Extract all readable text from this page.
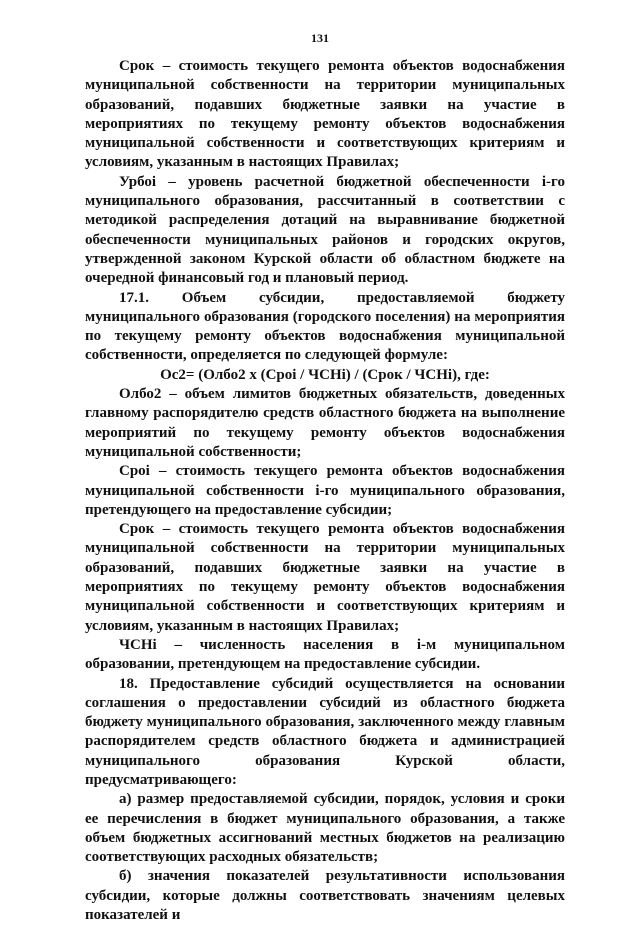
131

Срок – стоимость текущего ремонта объектов водоснабжения муниципальной собственности на территории муниципальных образований, подавших бюджетные заявки на участие в мероприятиях по текущему ремонту объектов водоснабжения муниципальной собственности и соответствующих критериям и условиям, указанным в настоящих Правилах;

Урбоі – уровень расчетной бюджетной обеспеченности i-го муниципального образования, рассчитанный в соответствии с методикой распределения дотаций на выравнивание бюджетной обеспеченности муниципальных районов и городских округов, утвержденной законом Курской области об областном бюджете на очередной финансовый год и плановый период.

17.1. Объем субсидии, предоставляемой бюджету муниципального образования (городского поселения) на мероприятия по текущему ремонту объектов водоснабжения муниципальной собственности, определяется по следующей формуле:

Ос2= (Олбо2 х (Сроі / ЧСНі) / (Срок / ЧСНі), где:

Олбо2 – объем лимитов бюджетных обязательств, доведенных главному распорядителю средств областного бюджета на выполнение мероприятий по текущему ремонту объектов водоснабжения муниципальной собственности;

Сроі – стоимость текущего ремонта объектов водоснабжения муниципальной собственности i-го муниципального образования, претендующего на предоставление субсидии;

Срок – стоимость текущего ремонта объектов водоснабжения муниципальной собственности на территории муниципальных образований, подавших бюджетные заявки на участие в мероприятиях по текущему ремонту объектов водоснабжения муниципальной собственности и соответствующих критериям и условиям, указанным в настоящих Правилах;

ЧСНі – численность населения в i-м муниципальном образовании, претендующем на предоставление субсидии.

18. Предоставление субсидий осуществляется на основании соглашения о предоставлении субсидий из областного бюджета бюджету муниципального образования, заключенного между главным распорядителем средств областного бюджета и администрацией муниципального образования Курской области, предусматривающего:

а) размер предоставляемой субсидии, порядок, условия и сроки ее перечисления в бюджет муниципального образования, а также объем бюджетных ассигнований местных бюджетов на реализацию соответствующих расходных обязательств;

б) значения показателей результативности использования субсидии, которые должны соответствовать значениям целевых показателей и
